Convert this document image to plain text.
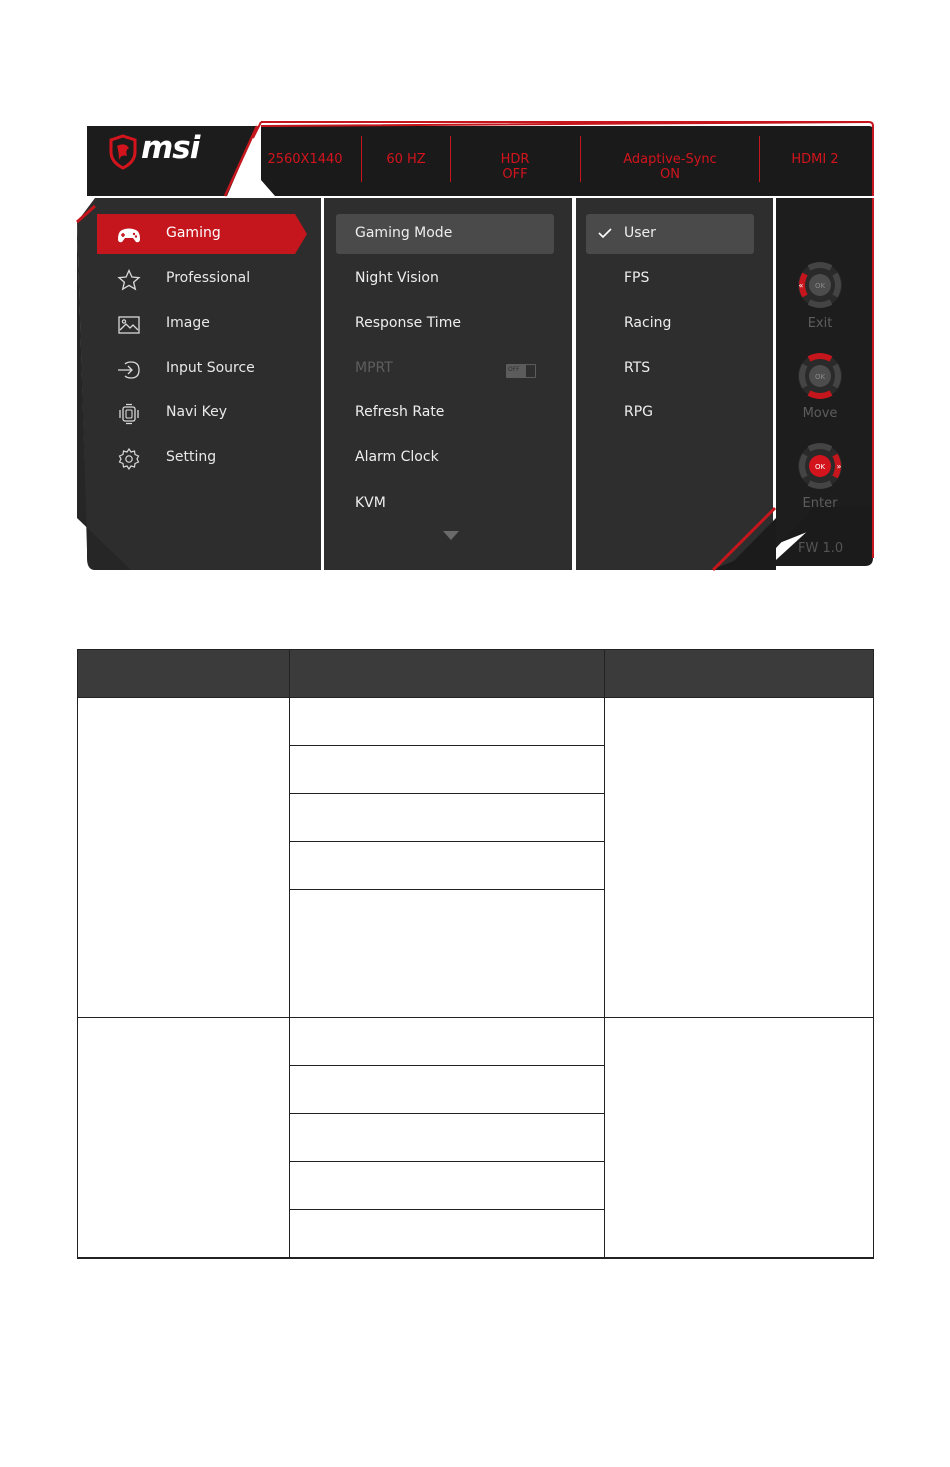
msi	2560X1440	60 HZ	HDR
OFF
Adaptive-Sync
ON
HDMI 2
Gaming
Professional
Image
Input Source
Navi Key
Setting
Gaming Mode
Night Vision
Response Time
MPRT	OFF
Refresh Rate
Alarm Clock
KVM
User
FPS
Racing
RTS
RPG
OK
«
Exit
OK
Move
OK »
Enter
FW 1.0
